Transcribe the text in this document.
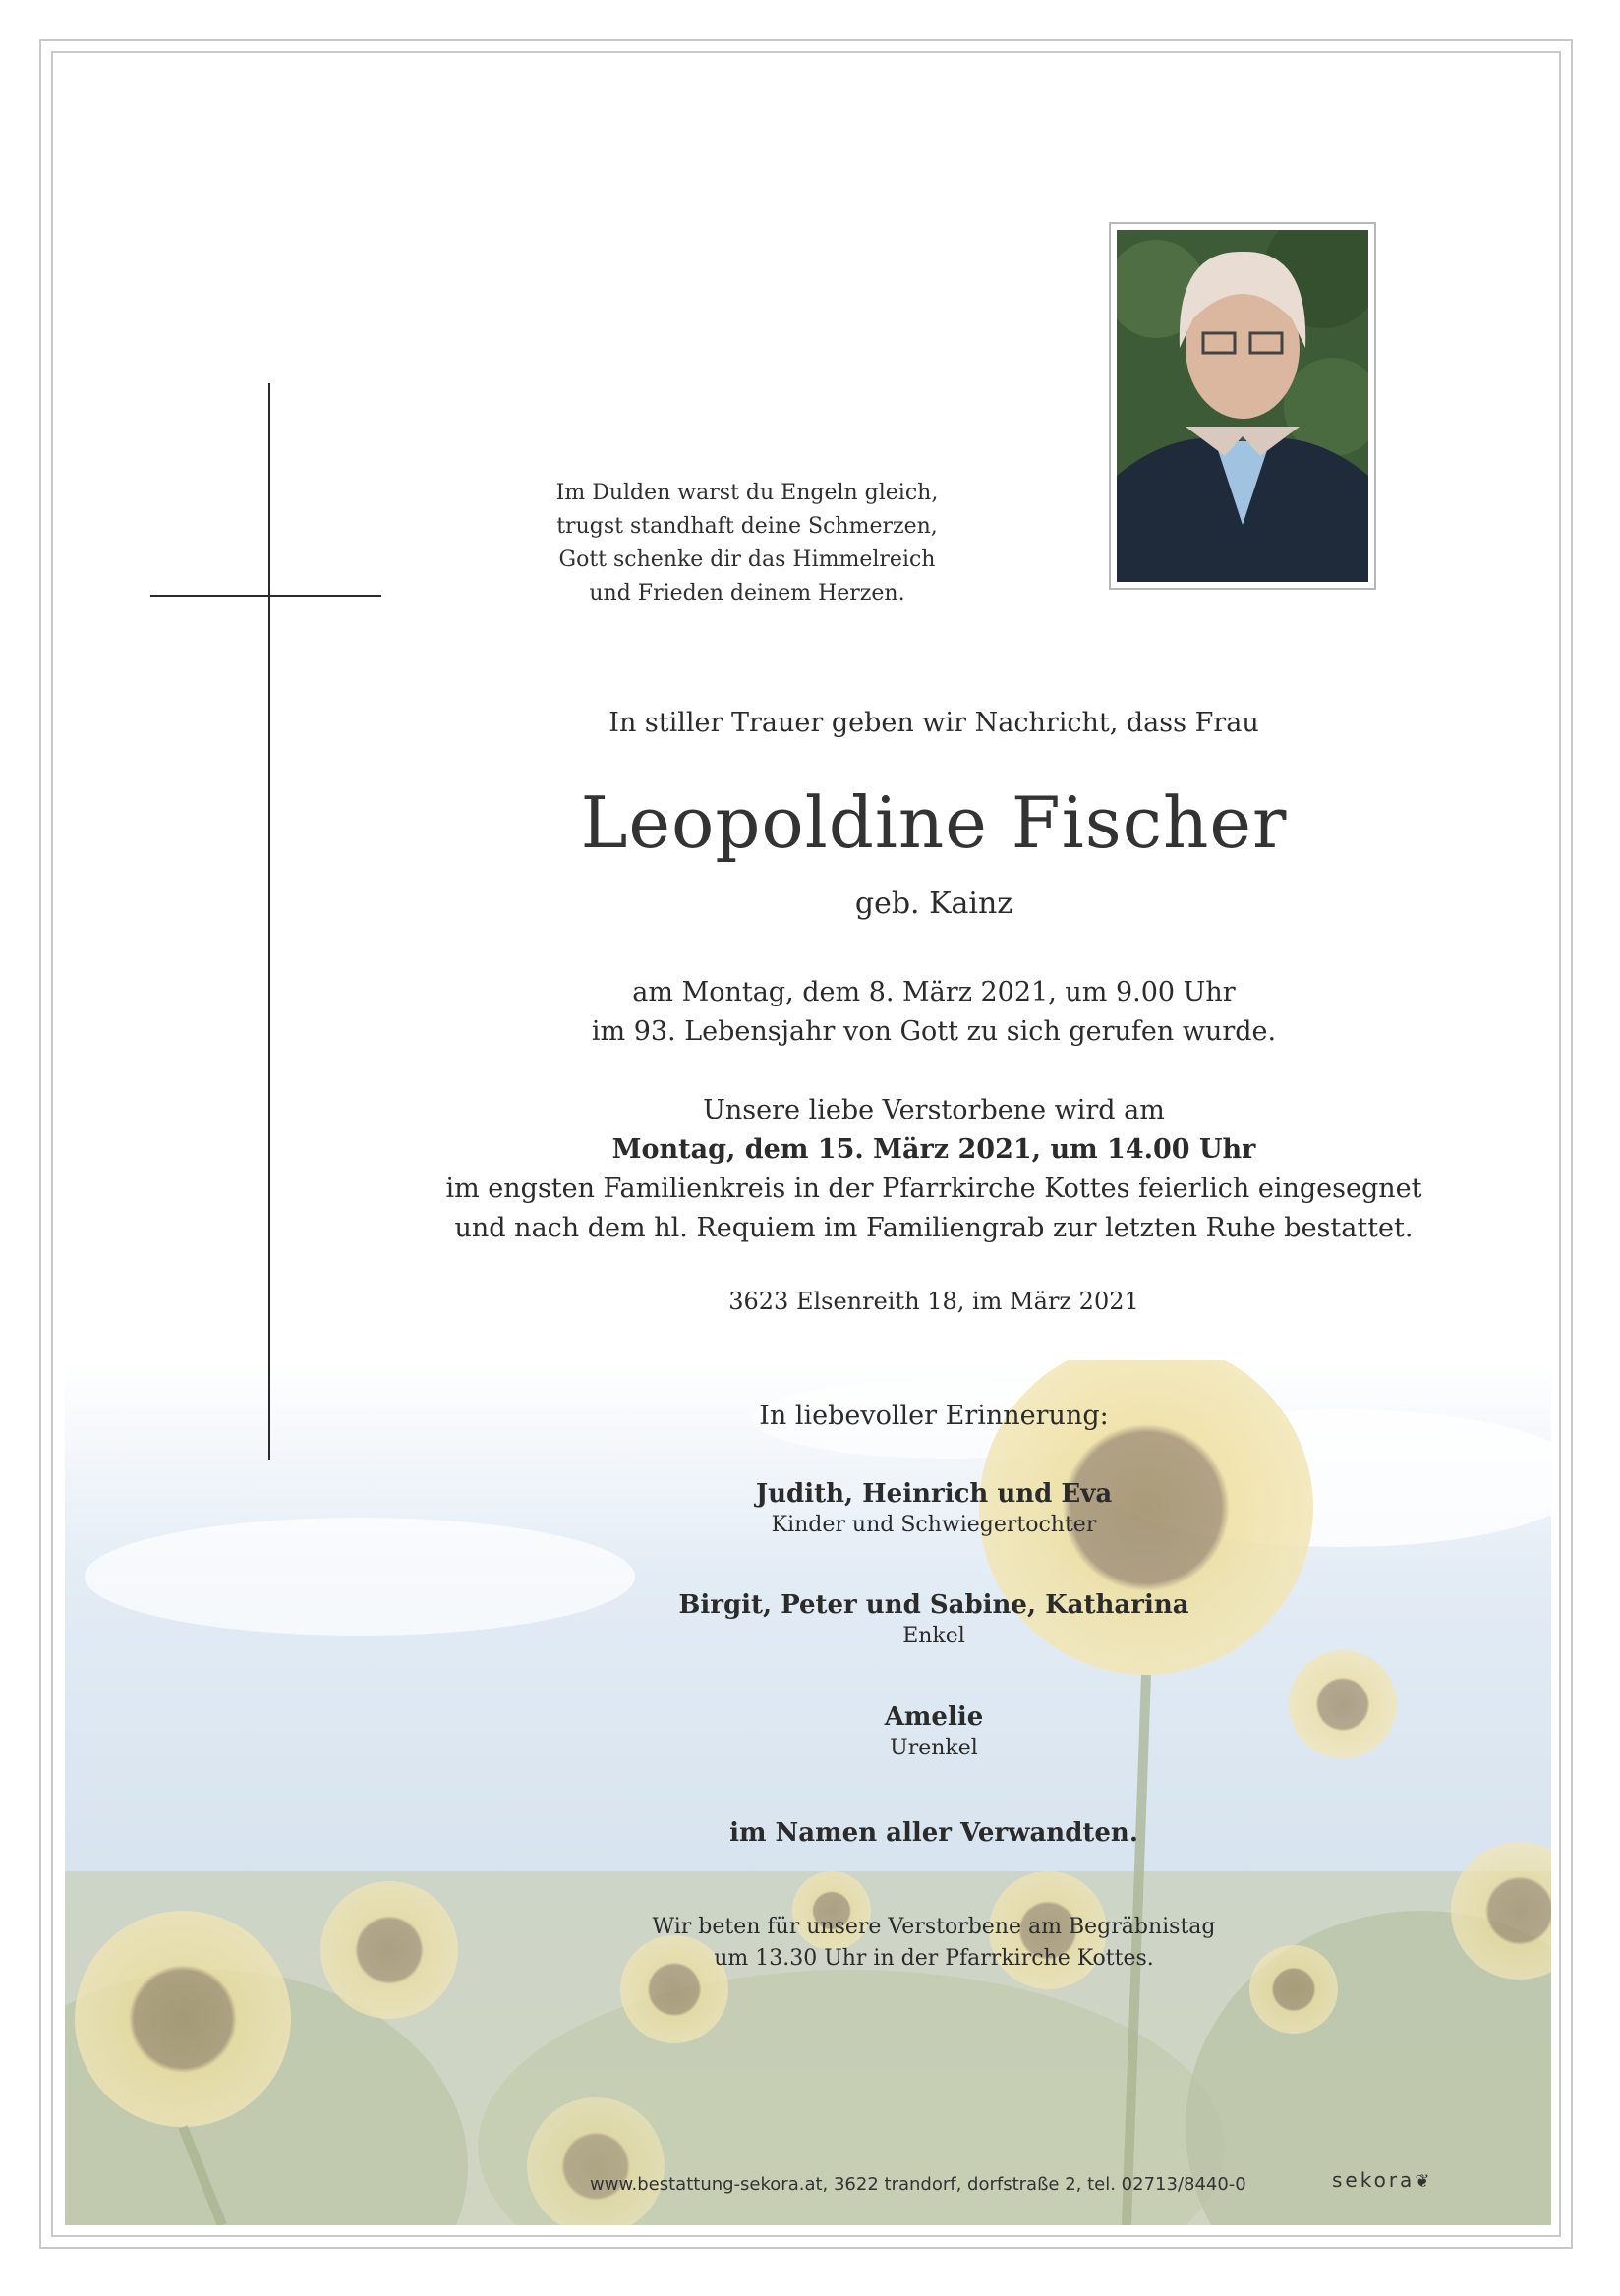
Im Dulden warst du Engeln gleich,
trugst standhaft deine Schmerzen,
Gott schenke dir das Himmelreich
und Frieden deinem Herzen.
In stiller Trauer geben wir Nachricht, dass Frau
Leopoldine Fischer
geb. Kainz
am Montag, dem 8. März 2021, um 9.00 Uhr
im 93. Lebensjahr von Gott zu sich gerufen wurde.
Unsere liebe Verstorbene wird am
Montag, dem 15. März 2021, um 14.00 Uhr
im engsten Familienkreis in der Pfarrkirche Kottes feierlich eingesegnet
und nach dem hl. Requiem im Familiengrab zur letzten Ruhe bestattet.
3623 Elsenreith 18, im März 2021
In liebevoller Erinnerung:
Judith, Heinrich und Eva
Kinder und Schwiegertochter
Birgit, Peter und Sabine, Katharina
Enkel
Amelie
Urenkel
im Namen aller Verwandten.
Wir beten für unsere Verstorbene am Begräbnistag
um 13.30 Uhr in der Pfarrkirche Kottes.
www.bestattung-sekora.at, 3622 trandorf, dorfstraße 2, tel. 02713/8440-0	sekora❦
